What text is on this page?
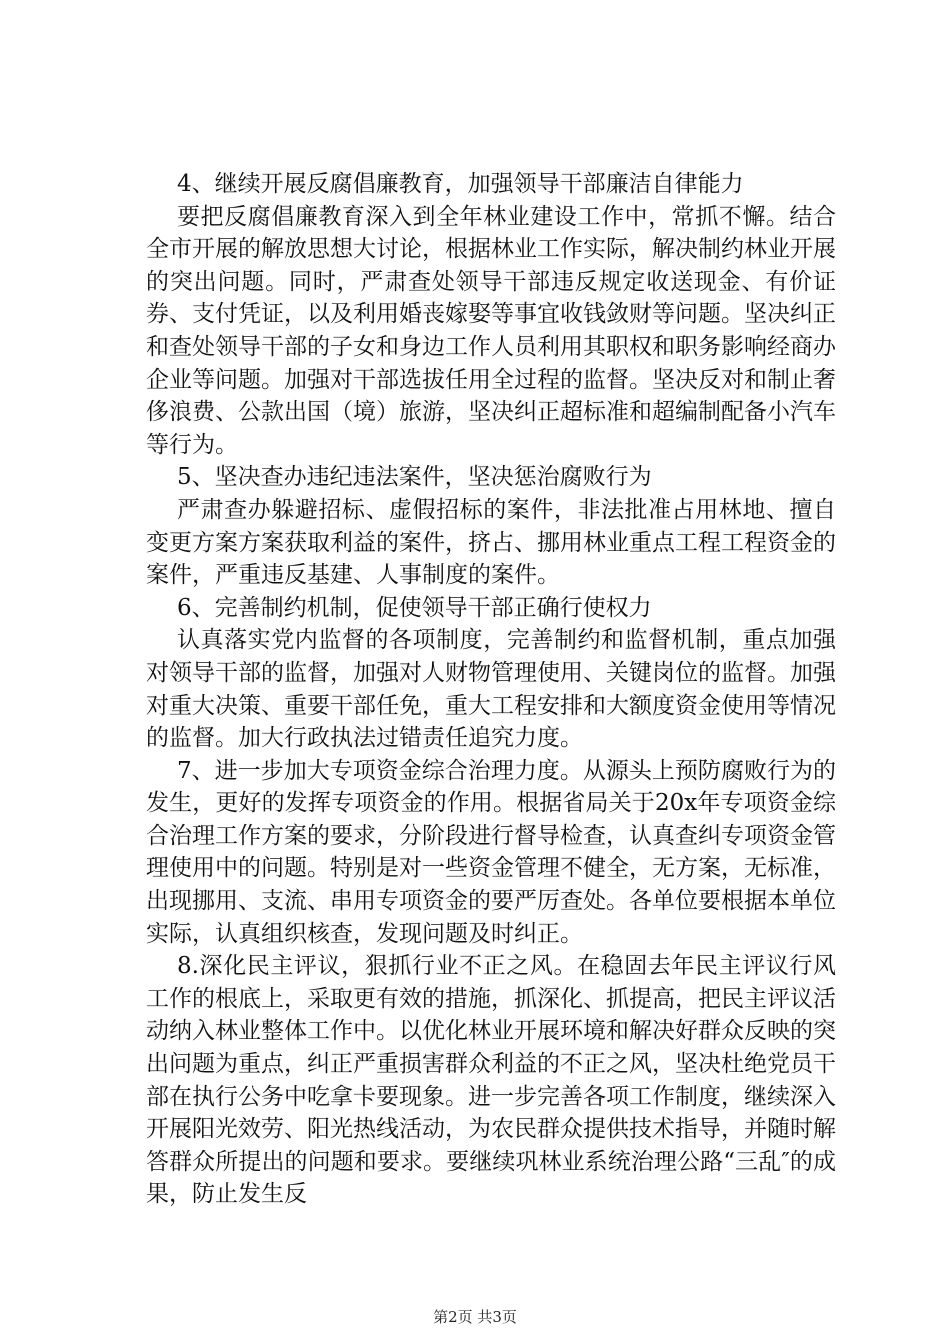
4、继续开展反腐倡廉教育，加强领导干部廉洁自律能力

要把反腐倡廉教育深入到全年林业建设工作中，常抓不懈。结合全市开展的解放思想大讨论，根据林业工作实际，解决制约林业开展的突出问题。同时，严肃查处领导干部违反规定收送现金、有价证券、支付凭证，以及利用婚丧嫁娶等事宜收钱敛财等问题。坚决纠正和查处领导干部的子女和身边工作人员利用其职权和职务影响经商办企业等问题。加强对干部选拔任用全过程的监督。坚决反对和制止奢侈浪费、公款出国（境）旅游，坚决纠正超标准和超编制配备小汽车等行为。

5、坚决查办违纪违法案件，坚决惩治腐败行为

严肃查办躲避招标、虚假招标的案件，非法批准占用林地、擅自变更方案方案获取利益的案件，挤占、挪用林业重点工程工程资金的案件，严重违反基建、人事制度的案件。

6、完善制约机制，促使领导干部正确行使权力

认真落实党内监督的各项制度，完善制约和监督机制，重点加强对领导干部的监督，加强对人财物管理使用、关键岗位的监督。加强对重大决策、重要干部任免，重大工程安排和大额度资金使用等情况的监督。加大行政执法过错责任追究力度。

7、进一步加大专项资金综合治理力度。从源头上预防腐败行为的发生，更好的发挥专项资金的作用。根据省局关于20x年专项资金综合治理工作方案的要求，分阶段进行督导检查，认真查纠专项资金管理使用中的问题。特别是对一些资金管理不健全，无方案，无标准，出现挪用、支流、串用专项资金的要严厉查处。各单位要根据本单位实际，认真组织核查，发现问题及时纠正。

8.深化民主评议，狠抓行业不正之风。在稳固去年民主评议行风工作的根底上，采取更有效的措施，抓深化、抓提高，把民主评议活动纳入林业整体工作中。以优化林业开展环境和解决好群众反映的突出问题为重点，纠正严重损害群众利益的不正之风，坚决杜绝党员干部在执行公务中吃拿卡要现象。进一步完善各项工作制度，继续深入开展阳光效劳、阳光热线活动，为农民群众提供技术指导，并随时解答群众所提出的问题和要求。要继续巩林业系统治理公路“三乱″的成果，防止发生反

第2页 共3页
